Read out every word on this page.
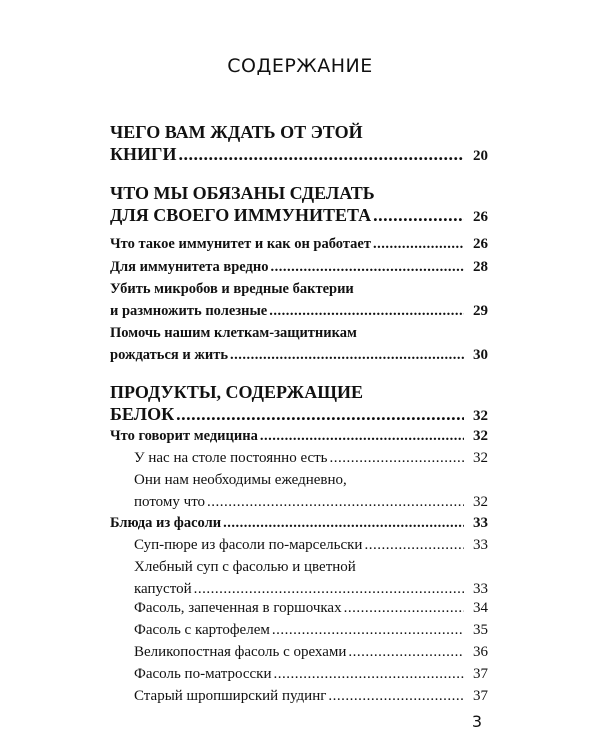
СОДЕРЖАНИЕ
ЧЕГО ВАМ ЖДАТЬ ОТ ЭТОЙ
КНИГИ .....	20
ЧТО МЫ ОБЯЗАНЫ СДЕЛАТЬ
ДЛЯ СВОЕГО ИММУНИТЕТА .....	26
Что такое иммунитет и как он работает .....	26
Для иммунитета вредно .....	28
Убить микробов и вредные бактерии
и размножить полезные .....	29
Помочь нашим клеткам-защитникам
рождаться и жить .....	30
ПРОДУКТЫ, СОДЕРЖАЩИЕ
БЕЛОК .....	32
Что говорит медицина .....	32
У нас на столе постоянно есть .....	32
Они нам необходимы ежедневно,
потому что .....	32
Блюда из фасоли .....	33
Суп-пюре из фасоли по-марсельски .....	33
Хлебный суп с фасолью и цветной
капустой .....	33
Фасоль, запеченная в горшочках .....	34
Фасоль с картофелем .....	35
Великопостная фасоль с орехами .....	36
Фасоль по-матросски .....	37
Старый шропширский пудинг .....	37
3
